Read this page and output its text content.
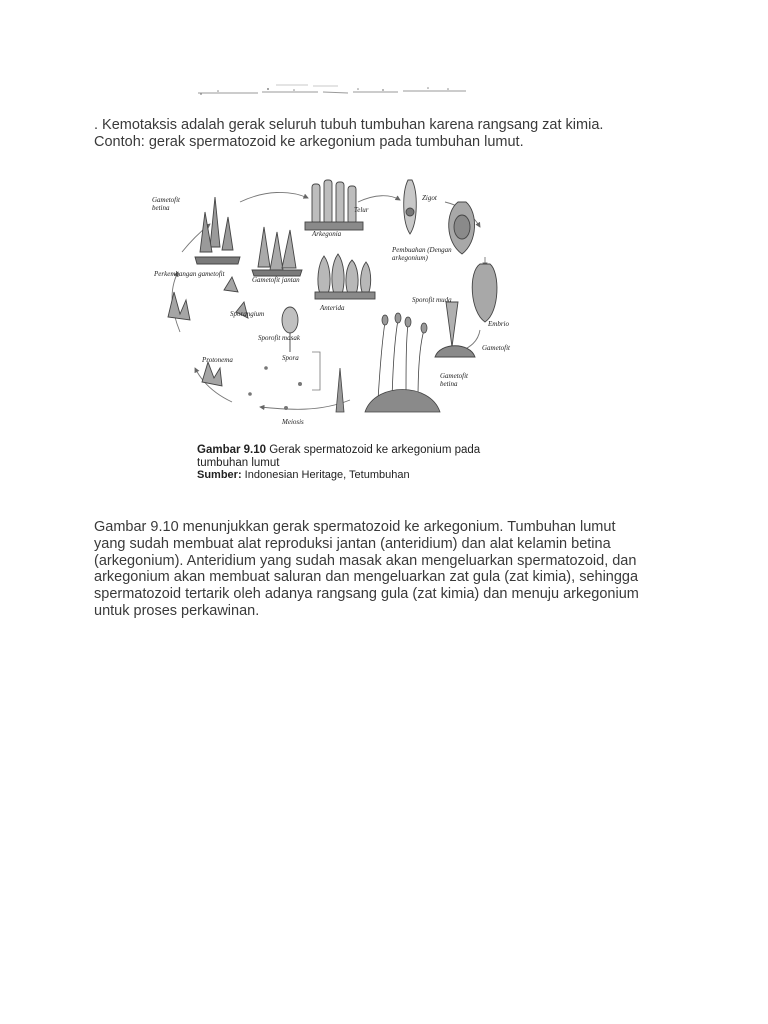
. Kemotaksis adalah gerak seluruh tubuh tumbuhan karena rangsang zat kimia.
Contoh: gerak spermatozoid ke arkegonium pada tumbuhan lumut.

Gametofit
betina	Telur
Arkegonia
Zigot
Pembuahan (Dengan
arkegonium)
Perkembangan gametofit
Gametofit jantan
Anterida
Sporofit muda
Embrio
Sporangium
Sporofit masak
Gametofit
Protonema	Spora
Gametofit
betina
Meiosis
Gambar 9.10 Gerak spermatozoid ke arkegonium pada
tumbuhan lumut
Sumber: Indonesian Heritage, Tetumbuhan

Gambar 9.10 menunjukkan gerak spermatozoid ke arkegonium. Tumbuhan lumut
yang sudah membuat alat reproduksi jantan (anteridium) dan alat kelamin betina
(arkegonium). Anteridium yang sudah masak akan mengeluarkan spermatozoid, dan
arkegonium akan membuat saluran dan mengeluarkan zat gula (zat kimia), sehingga
spermatozoid tertarik oleh adanya rangsang gula (zat kimia) dan menuju arkegonium
untuk proses perkawinan.
